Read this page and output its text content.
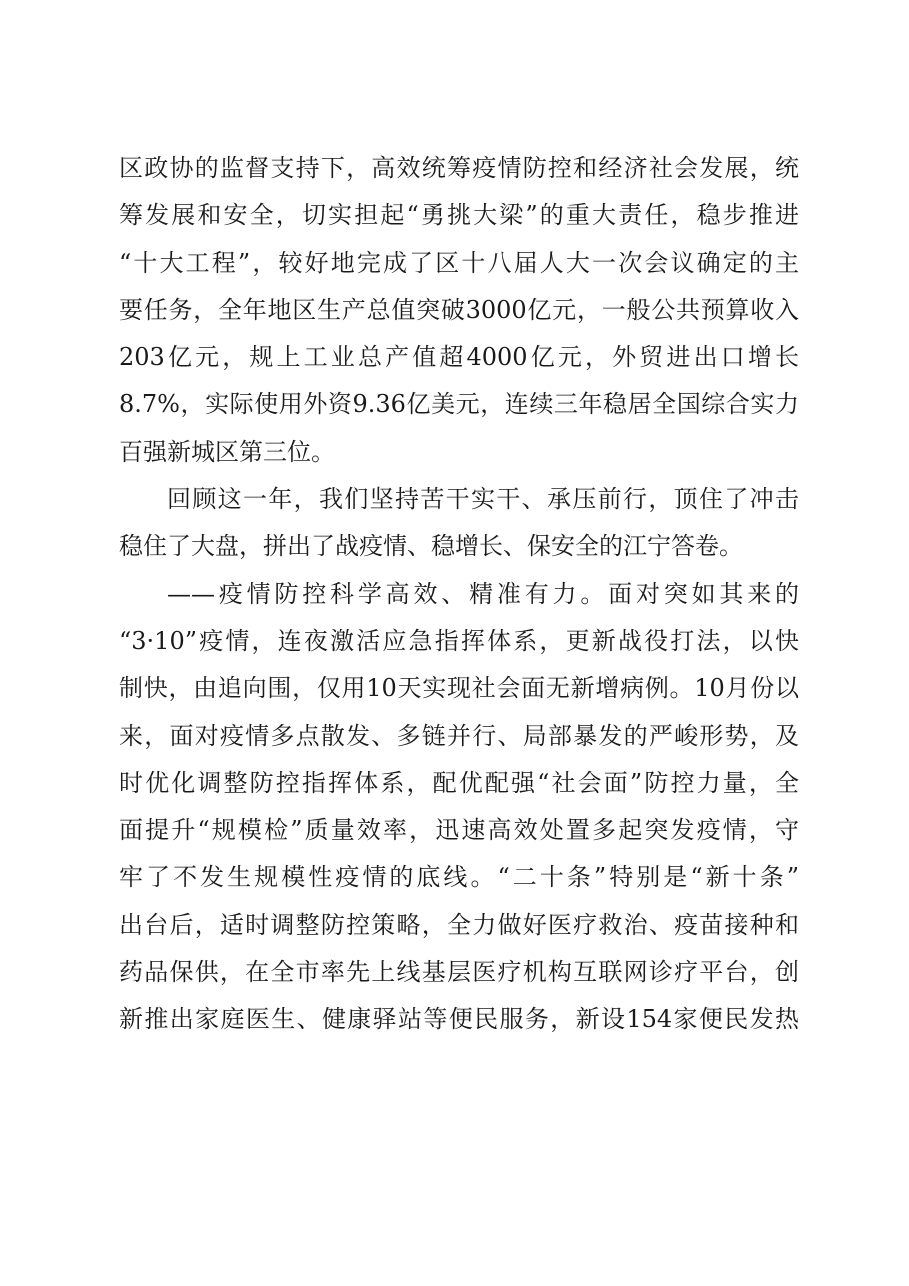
区政协的监督支持下，高效统筹疫情防控和经济社会发展，统
筹发展和安全，切实担起“勇挑大梁”的重大责任，稳步推进
“十大工程”，较好地完成了区十八届人大一次会议确定的主
要任务，全年地区生产总值突破3000亿元，一般公共预算收入
203亿元，规上工业总产值超4000亿元，外贸进出口增长
8.7%，实际使用外资9.36亿美元，连续三年稳居全国综合实力
百强新城区第三位。
回顾这一年，我们坚持苦干实干、承压前行，顶住了冲击
稳住了大盘，拼出了战疫情、稳增长、保安全的江宁答卷。
——疫情防控科学高效、精准有力。面对突如其来的
“3·10”疫情，连夜激活应急指挥体系，更新战役打法，以快
制快，由追向围，仅用10天实现社会面无新增病例。10月份以
来，面对疫情多点散发、多链并行、局部暴发的严峻形势，及
时优化调整防控指挥体系，配优配强“社会面”防控力量，全
面提升“规模检”质量效率，迅速高效处置多起突发疫情，守
牢了不发生规模性疫情的底线。“二十条”特别是“新十条”
出台后，适时调整防控策略，全力做好医疗救治、疫苗接种和
药品保供，在全市率先上线基层医疗机构互联网诊疗平台，创
新推出家庭医生、健康驿站等便民服务，新设154家便民发热
